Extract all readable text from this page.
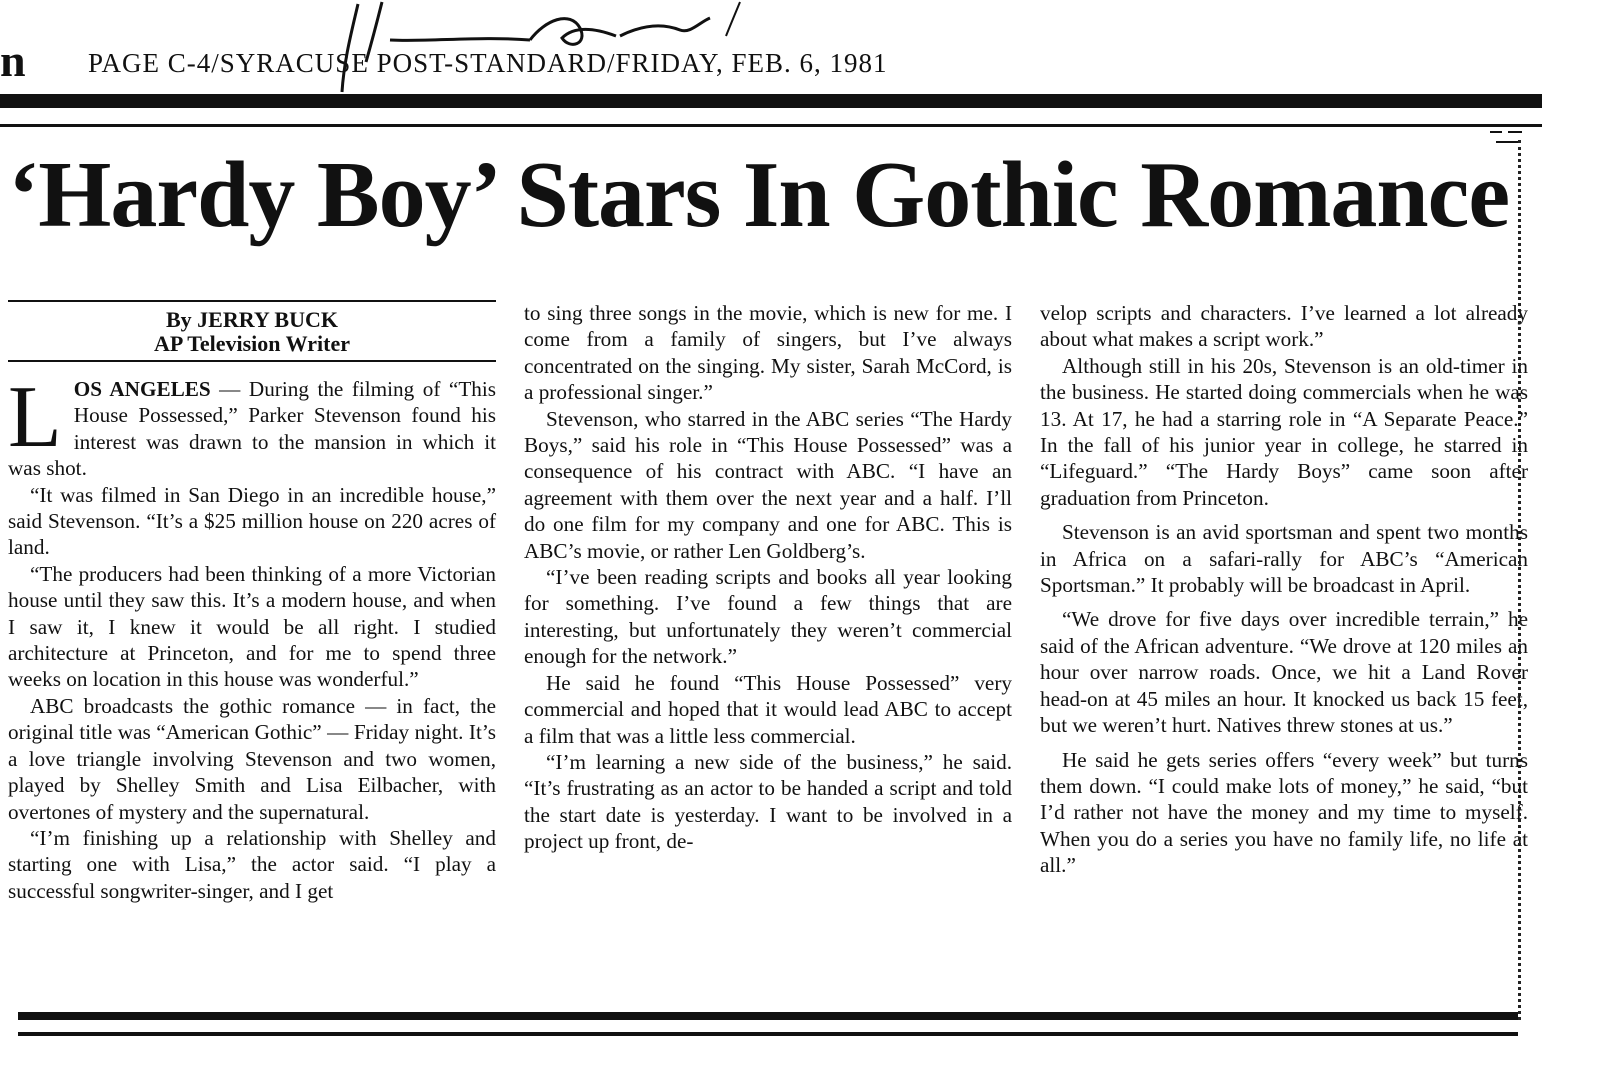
n PAGE C-4/SYRACUSE POST-STANDARD/FRIDAY, FEB. 6, 1981
‘Hardy Boy’ Stars In Gothic Romance
By JERRY BUCK
AP Television Writer

LOS ANGELES — During the filming of “This House Possessed,” Parker Stevenson found his interest was drawn to the mansion in which it was shot.

“It was filmed in San Diego in an incredible house,” said Stevenson. “It’s a $25 million house on 220 acres of land.

“The producers had been thinking of a more Victorian house until they saw this. It’s a modern house, and when I saw it, I knew it would be all right. I studied architecture at Princeton, and for me to spend three weeks on location in this house was wonderful.”

ABC broadcasts the gothic romance — in fact, the original title was “American Gothic” — Friday night. It’s a love triangle involving Stevenson and two women, played by Shelley Smith and Lisa Eilbacher, with overtones of mystery and the supernatural.

“I’m finishing up a relationship with Shelley and starting one with Lisa,” the actor said. “I play a successful songwriter-singer, and I get

to sing three songs in the movie, which is new for me. I come from a family of singers, but I’ve always concentrated on the singing. My sister, Sarah McCord, is a professional singer.”

Stevenson, who starred in the ABC series “The Hardy Boys,” said his role in “This House Possessed” was a consequence of his contract with ABC. “I have an agreement with them over the next year and a half. I’ll do one film for my company and one for ABC. This is ABC’s movie, or rather Len Goldberg’s.

“I’ve been reading scripts and books all year looking for something. I’ve found a few things that are interesting, but unfortunately they weren’t commercial enough for the network.”

He said he found “This House Possessed” very commercial and hoped that it would lead ABC to accept a film that was a little less commercial.

“I’m learning a new side of the business,” he said. “It’s frustrating as an actor to be handed a script and told the start date is yesterday. I want to be involved in a project up front, de-

velop scripts and characters. I’ve learned a lot already about what makes a script work.”

Although still in his 20s, Stevenson is an old-timer in the business. He started doing commercials when he was 13. At 17, he had a starring role in “A Separate Peace.” In the fall of his junior year in college, he starred in “Lifeguard.” “The Hardy Boys” came soon after graduation from Princeton.

Stevenson is an avid sportsman and spent two months in Africa on a safari-rally for ABC’s “American Sportsman.” It probably will be broadcast in April.

“We drove for five days over incredible terrain,” he said of the African adventure. “We drove at 120 miles an hour over narrow roads. Once, we hit a Land Rover head-on at 45 miles an hour. It knocked us back 15 feet, but we weren’t hurt. Natives threw stones at us.”

He said he gets series offers “every week” but turns them down. “I could make lots of money,” he said, “but I’d rather not have the money and my time to myself. When you do a series you have no family life, no life at all.”
